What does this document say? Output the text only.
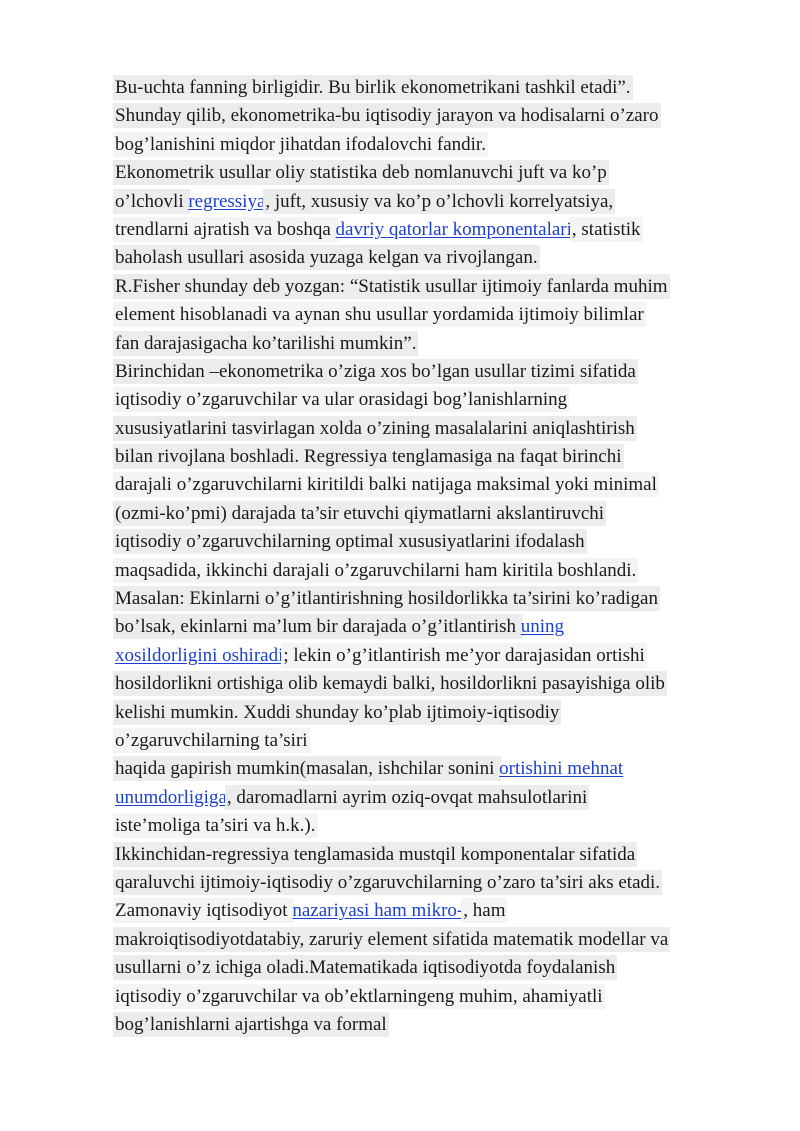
Bu-uchta fanning birligidir. Bu birlik ekonometrikani tashkil etadi”.
Shunday qilib, ekonometrika-bu iqtisodiy jarayon va hodisalarni o’zaro
bog’lanishini miqdor jihatdan ifodalovchi fandir.
Ekonometrik usullar oliy statistika deb nomlanuvchi juft va ko’p
o’lchovli regressiya, juft, xususiy va ko’p o’lchovli korrelyatsiya,
trendlarni ajratish va boshqa davriy qatorlar komponentalari, statistik
baholash usullari asosida yuzaga kelgan va rivojlangan.
R.Fisher shunday deb yozgan: “Statistik usullar ijtimoiy fanlarda muhim
element hisoblanadi va aynan shu usullar yordamida ijtimoiy bilimlar
fan darajasigacha ko’tarilishi mumkin”.
Birinchidan –ekonometrika o’ziga xos bo’lgan usullar tizimi sifatida
iqtisodiy o’zgaruvchilar va ular orasidagi bog’lanishlarning
xususiyatlarini tasvirlagan xolda o’zining masalalarini aniqlashtirish
bilan rivojlana boshladi. Regressiya tenglamasiga na faqat birinchi
darajali o’zgaruvchilarni kiritildi balki natijaga maksimal yoki minimal
(ozmi-ko’pmi) darajada ta’sir etuvchi qiymatlarni akslantiruvchi
iqtisodiy o’zgaruvchilarning optimal xususiyatlarini ifodalash
maqsadida, ikkinchi darajali o’zgaruvchilarni ham kiritila boshlandi.
Masalan: Ekinlarni o’g’itlantirishning hosildorlikka ta’sirini ko’radigan
bo’lsak, ekinlarni ma’lum bir darajada o’g’itlantirish uning
xosildorligini oshiradi; lekin o’g’itlantirish me’yor darajasidan ortishi
hosildorlikni ortishiga olib kemaydi balki, hosildorlikni pasayishiga olib
kelishi mumkin. Xuddi shunday ko’plab ijtimoiy-iqtisodiy
o’zgaruvchilarning ta’siri
haqida gapirish mumkin(masalan, ishchilar sonini ortishini mehnat
unumdorligiga, daromadlarni ayrim oziq-ovqat mahsulotlarini
iste’moliga ta’siri va h.k.).
Ikkinchidan-regressiya tenglamasida mustqil komponentalar sifatida
qaraluvchi ijtimoiy-iqtisodiy o’zgaruvchilarning o’zaro ta’siri aks etadi.
Zamonaviy iqtisodiyot nazariyasi ham mikro-, ham
makroiqtisodiyotdatabiy, zaruriy element sifatida matematik modellar va
usullarni o’z ichiga oladi.Matematikada iqtisodiyotda foydalanish
iqtisodiy o’zgaruvchilar va ob’ektlarningeng muhim, ahamiyatli
bog’lanishlarni ajartishga va formal
